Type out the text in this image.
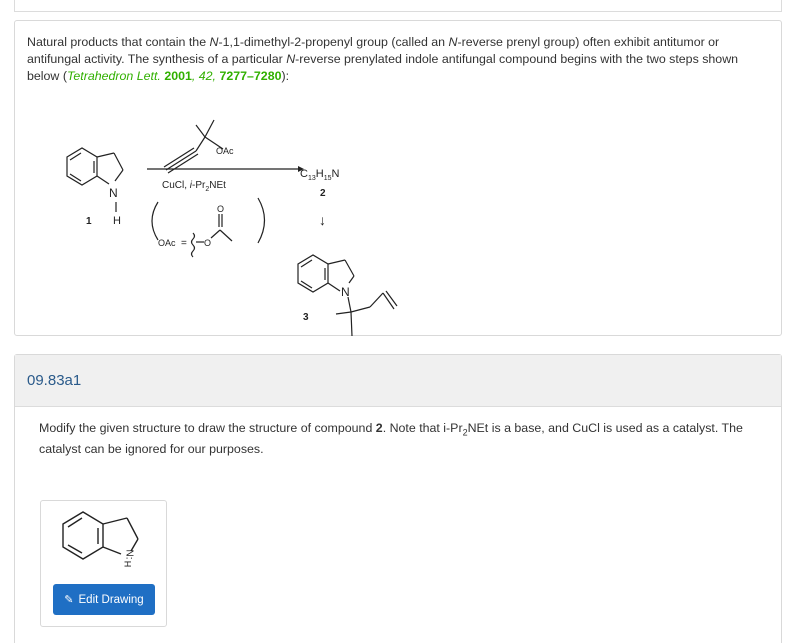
Natural products that contain the N-1,1-dimethyl-2-propenyl group (called an N-reverse prenyl group) often exhibit antitumor or antifungal activity. The synthesis of a particular N-reverse prenylated indole antifungal compound begins with the two steps shown below (Tetrahedron Lett. 2001, 42, 7277–7280):

N
H
1
OAc
CuCl, $i-Pr_2NEt$
$C_{13}H_{15}N$
2
↓
OAc = O
O
N
3
09.83a1

Modify the given structure to draw the structure of compound 2. Note that $i-Pr_2NEt$ is a base, and CuCl is used as a catalyst. The catalyst can be ignored for our purposes.

N:
H
✎ Edit Drawing
